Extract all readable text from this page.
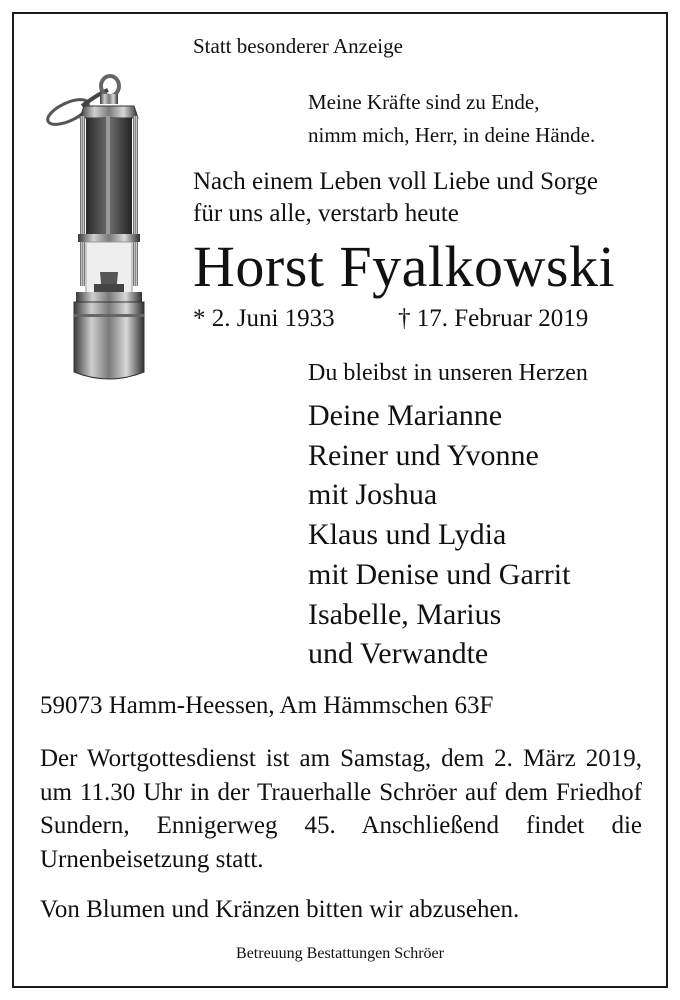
Statt besonderer Anzeige
Meine Kräfte sind zu Ende,
nimm mich, Herr, in deine Hände.
Nach einem Leben voll Liebe und Sorge
für uns alle, verstarb heute
Horst Fyalkowski
* 2. Juni 1933	† 17. Februar 2019
Du bleibst in unseren Herzen
Deine Marianne
Reiner und Yvonne
mit Joshua
Klaus und Lydia
mit Denise und Garrit
Isabelle, Marius
und Verwandte
59073 Hamm-Heessen, Am Hämmschen 63F
Der Wortgottesdienst ist am Samstag, dem 2. März 2019, um 11.30 Uhr in der Trauerhalle Schröer auf dem Friedhof Sundern, Ennigerweg 45. Anschließend findet die Urnenbeisetzung statt.
Von Blumen und Kränzen bitten wir abzusehen.
Betreuung Bestattungen Schröer
